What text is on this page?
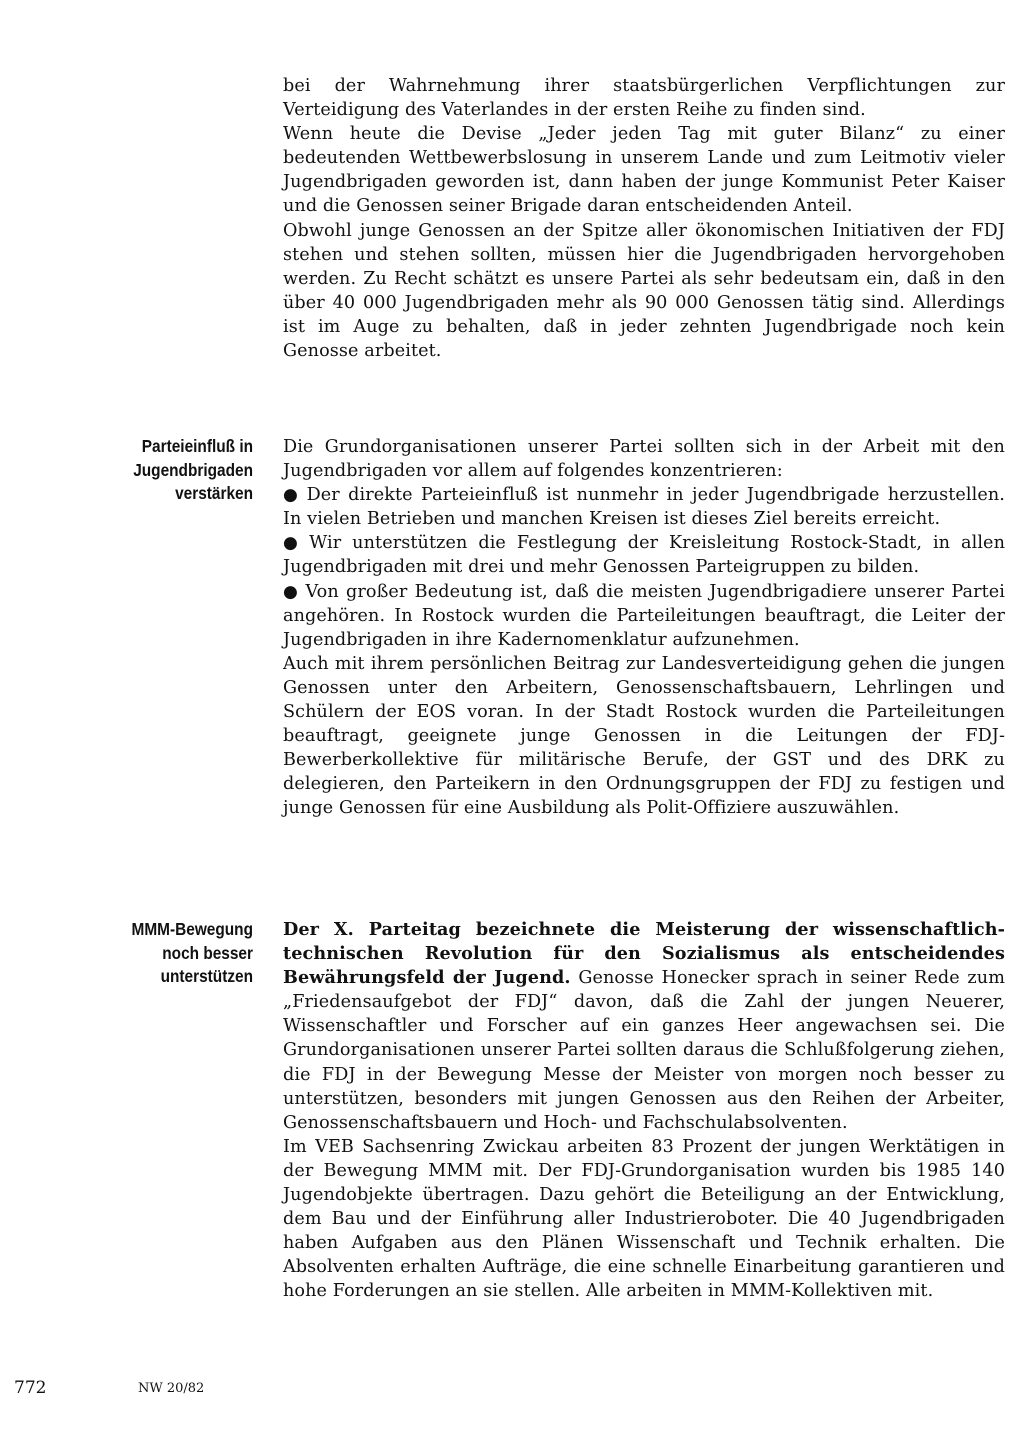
Parteieinfluß in
Jugendbrigaden
verstärken
MMM-Bewegung
noch besser
unterstützen

bei der Wahrnehmung ihrer staatsbürgerlichen Verpflichtungen zur Verteidigung des Vaterlandes in der ersten Reihe zu finden sind.

Wenn heute die Devise „Jeder jeden Tag mit guter Bilanz“ zu einer bedeutenden Wettbewerbslosung in unserem Lande und zum Leitmotiv vieler Jugendbrigaden geworden ist, dann haben der junge Kommunist Peter Kaiser und die Genossen seiner Brigade daran entscheidenden Anteil.

Obwohl junge Genossen an der Spitze aller ökonomischen Initiativen der FDJ stehen und stehen sollten, müssen hier die Jugendbrigaden hervorgehoben werden. Zu Recht schätzt es unsere Partei als sehr bedeutsam ein, daß in den über 40 000 Jugendbrigaden mehr als 90 000 Genossen tätig sind. Allerdings ist im Auge zu behalten, daß in jeder zehnten Jugendbrigade noch kein Genosse arbeitet.

Die Grundorganisationen unserer Partei sollten sich in der Arbeit mit den Jugendbrigaden vor allem auf folgendes konzentrieren:

● Der direkte Parteieinfluß ist nunmehr in jeder Jugendbrigade herzustellen. In vielen Betrieben und manchen Kreisen ist dieses Ziel bereits erreicht.

● Wir unterstützen die Festlegung der Kreisleitung Rostock-Stadt, in allen Jugendbrigaden mit drei und mehr Genossen Parteigruppen zu bilden.

● Von großer Bedeutung ist, daß die meisten Jugendbrigadiere unserer Partei angehören. In Rostock wurden die Parteileitungen beauftragt, die Leiter der Jugendbrigaden in ihre Kadernomenklatur aufzunehmen.

Auch mit ihrem persönlichen Beitrag zur Landesverteidigung gehen die jungen Genossen unter den Arbeitern, Genossenschaftsbauern, Lehrlingen und Schülern der EOS voran. In der Stadt Rostock wurden die Parteileitungen beauftragt, geeignete junge Genossen in die Leitungen der FDJ-Bewerberkollektive für militärische Berufe, der GST und des DRK zu delegieren, den Parteikern in den Ordnungsgruppen der FDJ zu festigen und junge Genossen für eine Ausbildung als Polit-Offiziere auszuwählen.

Der X. Parteitag bezeichnete die Meisterung der wissenschaftlich-technischen Revolution für den Sozialismus als entscheidendes Bewährungsfeld der Jugend. Genosse Honecker sprach in seiner Rede zum „Friedensaufgebot der FDJ“ davon, daß die Zahl der jungen Neuerer, Wissenschaftler und Forscher auf ein ganzes Heer angewachsen sei. Die Grundorganisationen unserer Partei sollten daraus die Schlußfolgerung ziehen, die FDJ in der Bewegung Messe der Meister von morgen noch besser zu unterstützen, besonders mit jungen Genossen aus den Reihen der Arbeiter, Genossenschaftsbauern und Hoch- und Fachschulabsolventen.

Im VEB Sachsenring Zwickau arbeiten 83 Prozent der jungen Werktätigen in der Bewegung MMM mit. Der FDJ-Grundorganisation wurden bis 1985 140 Jugendobjekte übertragen. Dazu gehört die Beteiligung an der Entwicklung, dem Bau und der Einführung aller Industrieroboter. Die 40 Jugendbrigaden haben Aufgaben aus den Plänen Wissenschaft und Technik erhalten. Die Absolventen erhalten Aufträge, die eine schnelle Einarbeitung garantieren und hohe Forderungen an sie stellen. Alle arbeiten in MMM-Kollektiven mit.

772	NW 20/82
